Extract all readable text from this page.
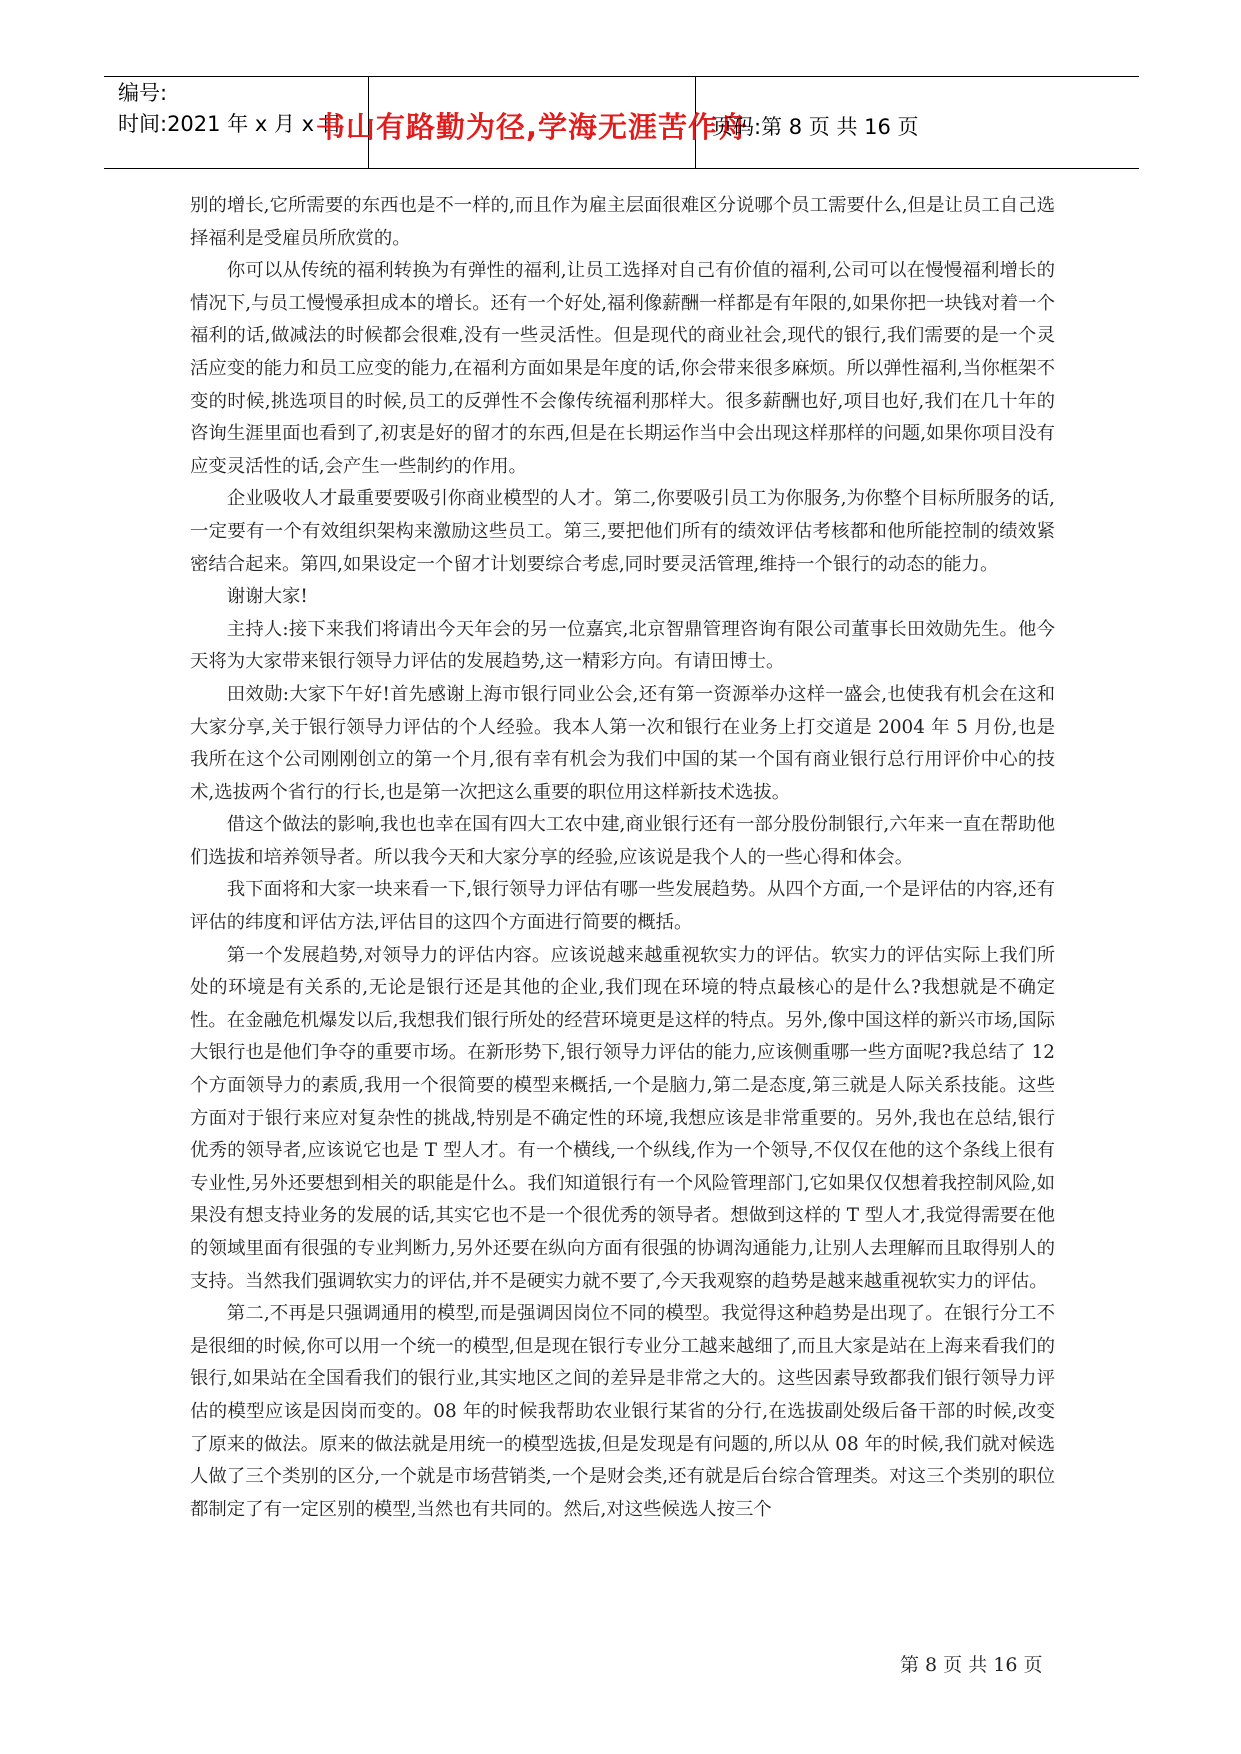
编号:
时间:2021 年 x 月 x 日
书山有路勤为径,学海无涯苦作舟
页码:第 8 页 共 16 页

别的增长,它所需要的东西也是不一样的,而且作为雇主层面很难区分说哪个员工需要什么,但是让员工自己选择福利是受雇员所欣赏的。

你可以从传统的福利转换为有弹性的福利,让员工选择对自己有价值的福利,公司可以在慢慢福利增长的情况下,与员工慢慢承担成本的增长。还有一个好处,福利像薪酬一样都是有年限的,如果你把一块钱对着一个福利的话,做减法的时候都会很难,没有一些灵活性。但是现代的商业社会,现代的银行,我们需要的是一个灵活应变的能力和员工应变的能力,在福利方面如果是年度的话,你会带来很多麻烦。所以弹性福利,当你框架不变的时候,挑选项目的时候,员工的反弹性不会像传统福利那样大。很多薪酬也好,项目也好,我们在几十年的咨询生涯里面也看到了,初衷是好的留才的东西,但是在长期运作当中会出现这样那样的问题,如果你项目没有应变灵活性的话,会产生一些制约的作用。

企业吸收人才最重要要吸引你商业模型的人才。第二,你要吸引员工为你服务,为你整个目标所服务的话,一定要有一个有效组织架构来激励这些员工。第三,要把他们所有的绩效评估考核都和他所能控制的绩效紧密结合起来。第四,如果设定一个留才计划要综合考虑,同时要灵活管理,维持一个银行的动态的能力。

谢谢大家!

主持人:接下来我们将请出今天年会的另一位嘉宾,北京智鼎管理咨询有限公司董事长田效勋先生。他今天将为大家带来银行领导力评估的发展趋势,这一精彩方向。有请田博士。

田效勋:大家下午好!首先感谢上海市银行同业公会,还有第一资源举办这样一盛会,也使我有机会在这和大家分享,关于银行领导力评估的个人经验。我本人第一次和银行在业务上打交道是 2004 年 5 月份,也是我所在这个公司刚刚创立的第一个月,很有幸有机会为我们中国的某一个国有商业银行总行用评价中心的技术,选拔两个省行的行长,也是第一次把这么重要的职位用这样新技术选拔。

借这个做法的影响,我也也幸在国有四大工农中建,商业银行还有一部分股份制银行,六年来一直在帮助他们选拔和培养领导者。所以我今天和大家分享的经验,应该说是我个人的一些心得和体会。

我下面将和大家一块来看一下,银行领导力评估有哪一些发展趋势。从四个方面,一个是评估的内容,还有评估的纬度和评估方法,评估目的这四个方面进行简要的概括。

第一个发展趋势,对领导力的评估内容。应该说越来越重视软实力的评估。软实力的评估实际上我们所处的环境是有关系的,无论是银行还是其他的企业,我们现在环境的特点最核心的是什么?我想就是不确定性。在金融危机爆发以后,我想我们银行所处的经营环境更是这样的特点。另外,像中国这样的新兴市场,国际大银行也是他们争夺的重要市场。在新形势下,银行领导力评估的能力,应该侧重哪一些方面呢?我总结了 12 个方面领导力的素质,我用一个很简要的模型来概括,一个是脑力,第二是态度,第三就是人际关系技能。这些方面对于银行来应对复杂性的挑战,特别是不确定性的环境,我想应该是非常重要的。另外,我也在总结,银行优秀的领导者,应该说它也是 T 型人才。有一个横线,一个纵线,作为一个领导,不仅仅在他的这个条线上很有专业性,另外还要想到相关的职能是什么。我们知道银行有一个风险管理部门,它如果仅仅想着我控制风险,如果没有想支持业务的发展的话,其实它也不是一个很优秀的领导者。想做到这样的 T 型人才,我觉得需要在他的领域里面有很强的专业判断力,另外还要在纵向方面有很强的协调沟通能力,让别人去理解而且取得别人的支持。当然我们强调软实力的评估,并不是硬实力就不要了,今天我观察的趋势是越来越重视软实力的评估。

第二,不再是只强调通用的模型,而是强调因岗位不同的模型。我觉得这种趋势是出现了。在银行分工不是很细的时候,你可以用一个统一的模型,但是现在银行专业分工越来越细了,而且大家是站在上海来看我们的银行,如果站在全国看我们的银行业,其实地区之间的差异是非常之大的。这些因素导致都我们银行领导力评估的模型应该是因岗而变的。08 年的时候我帮助农业银行某省的分行,在选拔副处级后备干部的时候,改变了原来的做法。原来的做法就是用统一的模型选拔,但是发现是有问题的,所以从 08 年的时候,我们就对候选人做了三个类别的区分,一个就是市场营销类,一个是财会类,还有就是后台综合管理类。对这三个类别的职位都制定了有一定区别的模型,当然也有共同的。然后,对这些候选人按三个

第 8 页 共 16 页
